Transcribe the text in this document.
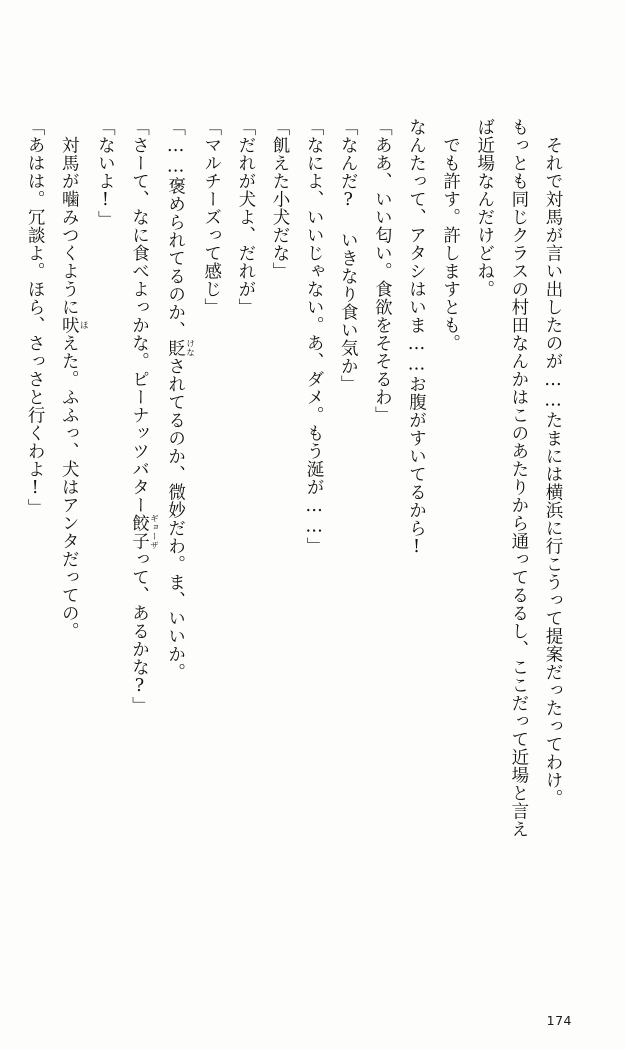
それで対馬が言い出したのが……たまには横浜に行こうって提案だったってわけ。

もっとも同じクラスの村田なんかはこのあたりから通ってるるし、ここだって近場と言え

ば近場なんだけどね。

でも許す。許しますとも。

なんたって、アタシはいま……お腹がすいてるから!

「ああ、いい匂い。食欲をそそるわ」

「なんだ? いきなり食い気か」

「なによ、いいじゃない。あ、ダメ。もう涎が……」

「飢えた小犬だな」

「だれが犬よ、だれが」

「マルチーズって感じ」

「……褒められてるのか、貶 けなされてるのか、微妙だわ。ま、いいか。

「さーて、なに食べよっかな。ピーナッツバター餃子 ギョーザって、あるかな?」

「ないよ!」

対馬が噛みつくように吠 ほえた。ふふっ、犬はアンタだっての。

「あはは。冗談よ。ほら、さっさと行くわよ!」

174
